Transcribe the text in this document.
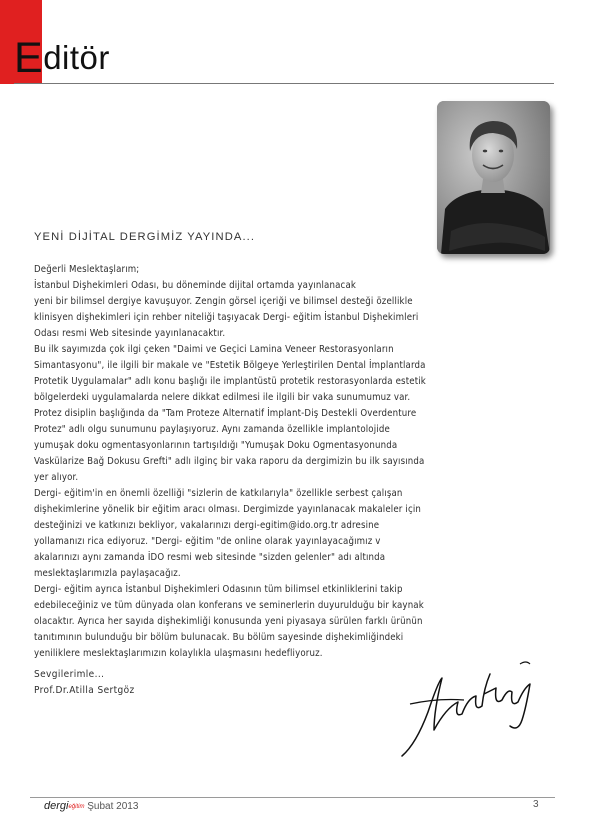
Editör
YENİ DİJİTAL DERGİMİZ YAYINDA...
Değerli Meslektaşlarım;
İstanbul Dişhekimleri Odası, bu döneminde dijital ortamda yayınlanacak
yeni bir bilimsel dergiye kavuşuyor. Zengin görsel içeriği ve bilimsel desteği özellikle
klinisyen dişhekimleri için rehber niteliği taşıyacak Dergi- eğitim İstanbul Dişhekimleri
Odası resmi Web sitesinde yayınlanacaktır.
Bu ilk sayımızda çok ilgi çeken "Daimi ve Geçici Lamina Veneer Restorasyonların
Simantasyonu", ile ilgili bir makale ve "Estetik Bölgeye Yerleştirilen Dental İmplantlarda
Protetik Uygulamalar" adlı konu başlığı ile implantüstü protetik restorasyonlarda estetik
bölgelerdeki uygulamalarda nelere dikkat edilmesi ile ilgili bir vaka sunumumuz var.
Protez disiplin başlığında da "Tam Proteze Alternatif İmplant-Diş Destekli Overdenture
Protez" adlı olgu sunumunu paylaşıyoruz. Aynı zamanda özellikle implantolojide
yumuşak doku ogmentasyonlarının tartışıldığı "Yumuşak Doku Ogmentasyonunda
Vaskülarize Bağ Dokusu Grefti" adlı ilginç bir vaka raporu da dergimizin bu ilk sayısında
yer alıyor.
Dergi- eğitim'in en önemli özelliği "sizlerin de katkılarıyla" özellikle serbest çalışan
dişhekimlerine yönelik bir eğitim aracı olması. Dergimizde yayınlanacak makaleler için
desteğinizi ve katkınızı bekliyor, vakalarınızı dergi-egitim@ido.org.tr adresine
yollamanızı rica ediyoruz. "Dergi- eğitim "de online olarak yayınlayacağımız v
akalarınızı aynı zamanda İDO resmi web sitesinde "sizden gelenler" adı altında
meslektaşlarımızla paylaşacağız.
Dergi- eğitim ayrıca İstanbul Dişhekimleri Odasının tüm bilimsel etkinliklerini takip
edebileceğiniz ve tüm dünyada olan konferans ve seminerlerin duyurulduğu bir kaynak
olacaktır. Ayrıca her sayıda dişhekimliği konusunda yeni piyasaya sürülen farklı ürünün
tanıtımının bulunduğu bir bölüm bulunacak. Bu bölüm sayesinde dişhekimliğindeki
yeniliklere meslektaşlarımızın kolaylıkla ulaşmasını hedefliyoruz.
Sevgilerimle...
Prof.Dr.Atilla Sertgöz
dergieğitim Şubat 2013	3
